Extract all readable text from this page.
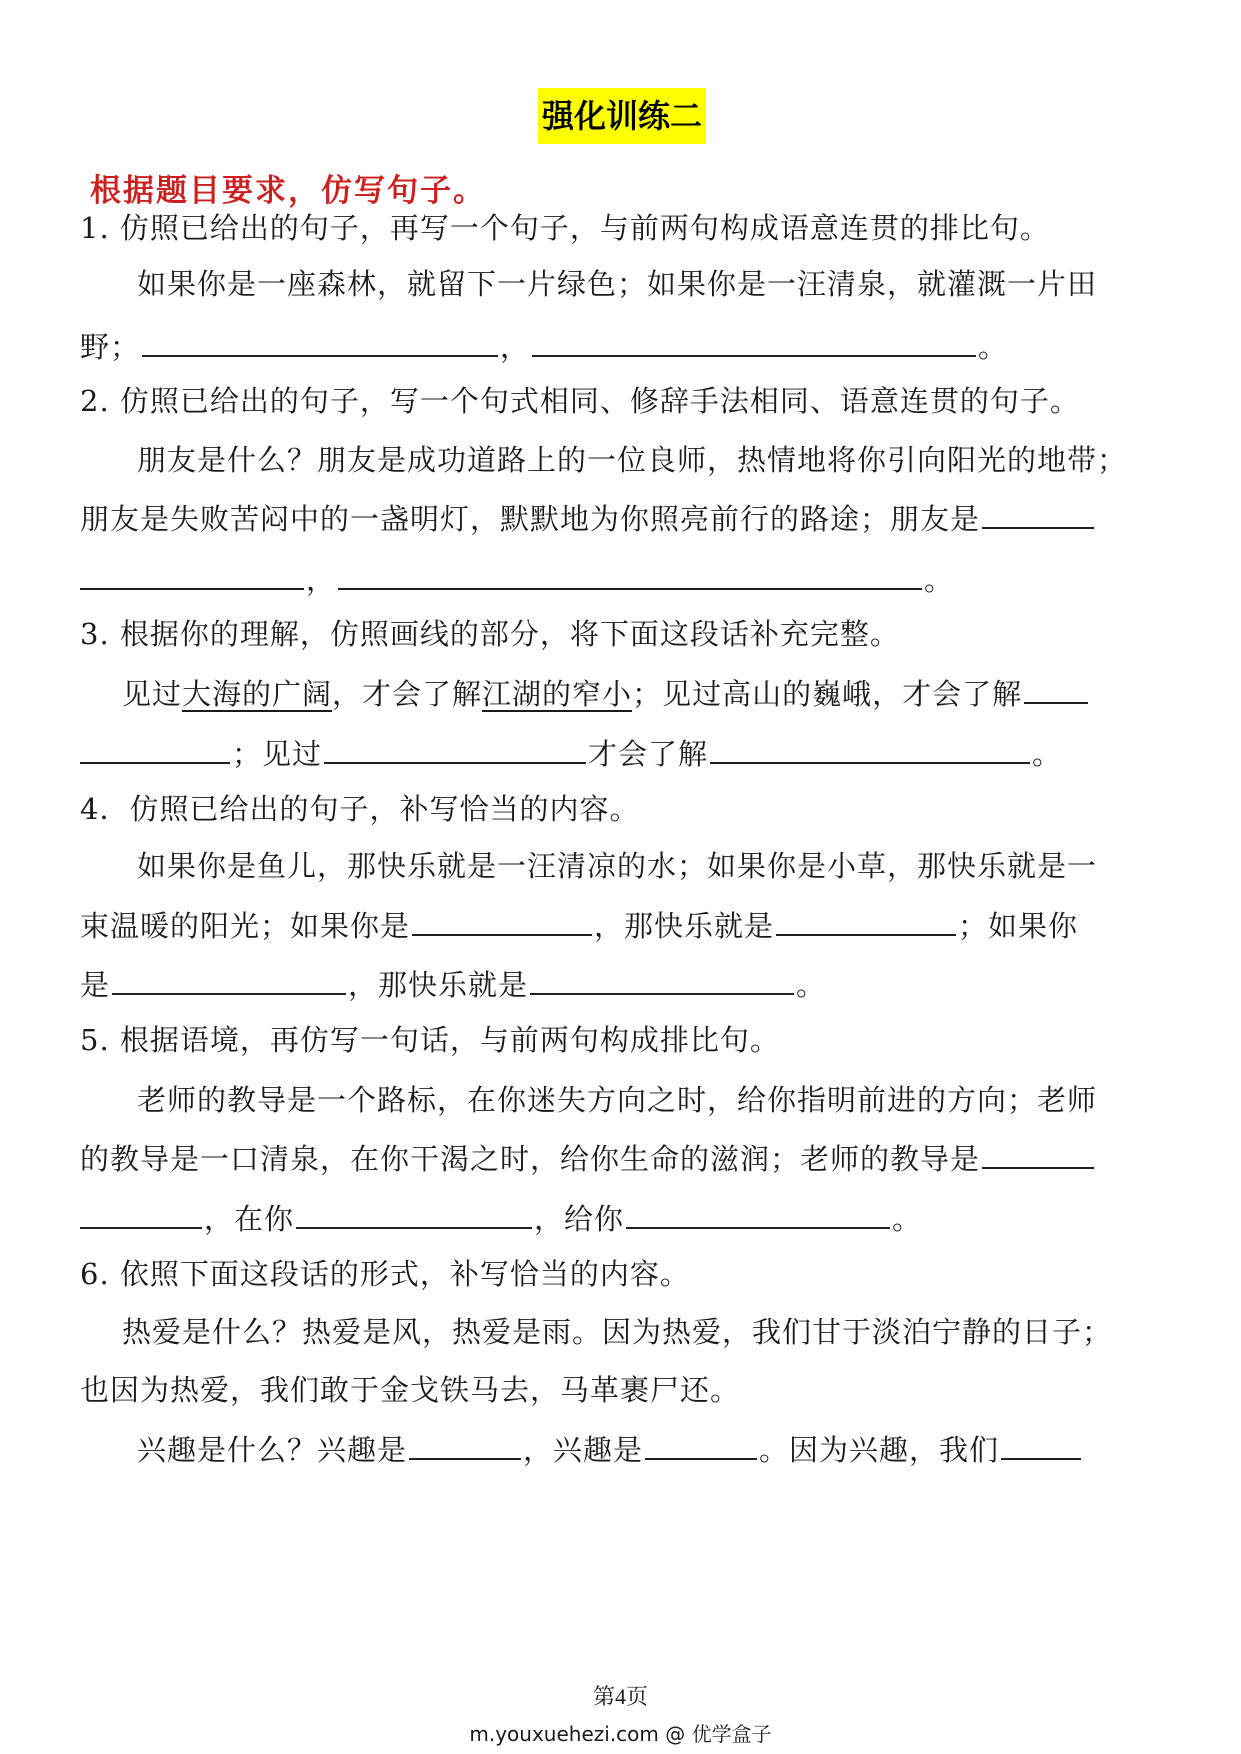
强化训练二
根据题目要求，仿写句子。
1. 仿照已给出的句子，再写一个句子，与前两句构成语意连贯的排比句。
如果你是一座森林，就留下一片绿色；如果你是一汪清泉，就灌溉一片田
野；	，	。
2. 仿照已给出的句子，写一个句式相同、修辞手法相同、语意连贯的句子。
朋友是什么？朋友是成功道路上的一位良师，热情地将你引向阳光的地带；
朋友是失败苦闷中的一盏明灯，默默地为你照亮前行的路途；朋友是
，	。
3. 根据你的理解，仿照画线的部分，将下面这段话补充完整。
见过大海的广阔，才会了解江湖的窄小；见过高山的巍峨，才会了解
；见过	才会了解	。
4．仿照已给出的句子，补写恰当的内容。
如果你是鱼儿，那快乐就是一汪清凉的水；如果你是小草，那快乐就是一
束温暖的阳光；如果你是	，那快乐就是	；如果你
是	，那快乐就是	。
5. 根据语境，再仿写一句话，与前两句构成排比句。
老师的教导是一个路标，在你迷失方向之时，给你指明前进的方向；老师
的教导是一口清泉，在你干渴之时，给你生命的滋润；老师的教导是
，在你	，给你	。
6. 依照下面这段话的形式，补写恰当的内容。
热爱是什么？热爱是风，热爱是雨。因为热爱，我们甘于淡泊宁静的日子；
也因为热爱，我们敢于金戈铁马去，马革裹尸还。
兴趣是什么？兴趣是	，兴趣是	。因为兴趣，我们
第4页
m.youxuehezi.com @ 优学盒子
